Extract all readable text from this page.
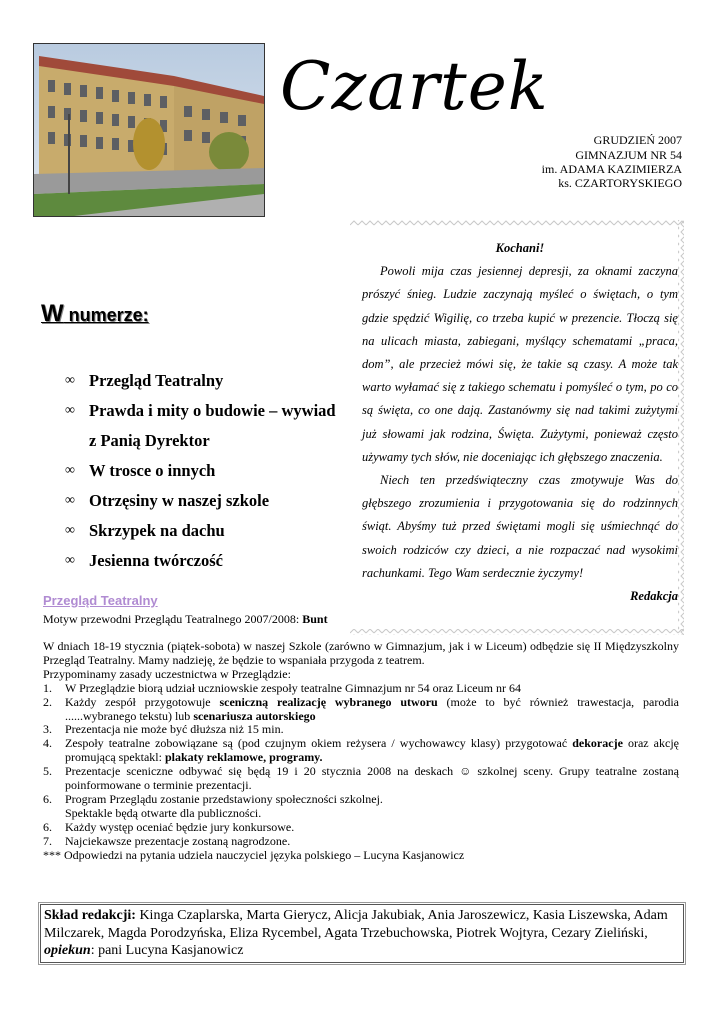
Czartek
GRUDZIEŃ 2007
GIMNAZJUM NR 54
im. ADAMA KAZIMIERZA
ks. CZARTORYSKIEGO

Kochani!

Powoli mija czas jesiennej depresji, za oknami zaczyna prószyć śnieg. Ludzie zaczynają myśleć o świętach, o tym gdzie spędzić Wigilię, co trzeba kupić w prezencie. Tłoczą się na ulicach miasta, zabiegani, myślący schematami „praca, dom”, ale przecież mówi się, że takie są czasy. A może tak warto wyłamać się z takiego schematu i pomyśleć o tym, po co są święta, co one dają. Zastanówmy się nad takimi zużytymi już słowami jak rodzina, Święta. Zużytymi, ponieważ często używamy tych słów, nie doceniając ich głębszego znaczenia.

Niech ten przedświąteczny czas zmotywuje Was do głębszego zrozumienia i przygotowania się do rodzinnych świąt. Abyśmy tuż przed świętami mogli się uśmiechnąć do swoich rodziców czy dzieci, a nie rozpaczać nad wysokimi rachunkami. Tego Wam serdecznie życzymy!

Redakcja

W numerze:
∞ Przegląd Teatralny
∞ Prawda i mity o budowie – wywiad
z Panią Dyrektor
∞ W trosce o innych
∞ Otrzęsiny w naszej szkole
∞ Skrzypek na dachu
∞ Jesienna twórczość
Przegląd Teatralny
Motyw przewodni Przeglądu Teatralnego 2007/2008: Bunt

W dniach 18-19 stycznia (piątek-sobota) w naszej Szkole (zarówno w Gimnazjum, jak i w Liceum) odbędzie się II Międzyszkolny Przegląd Teatralny. Mamy nadzieję, że będzie to wspaniała przygoda z teatrem.

Przypominamy zasady uczestnictwa w Przeglądzie:

1.	W Przeglądzie biorą udział uczniowskie zespoły teatralne Gimnazjum nr 54 oraz Liceum nr 64
2.	Każdy zespół przygotowuje sceniczną realizację wybranego utworu (może to być również trawestacja, parodia ......wybranego tekstu) lub scenariusza autorskiego
3.	Prezentacja nie może być dłuższa niż 15 min.
4.	Zespoły teatralne zobowiązane są (pod czujnym okiem reżysera / wychowawcy klasy) przygotować dekoracje oraz akcję promującą spektakl: plakaty reklamowe, programy.
5.	Prezentacje sceniczne odbywać się będą 19 i 20 stycznia 2008 na deskach ☺ szkolnej sceny. Grupy teatralne zostaną poinformowane o terminie prezentacji.
6.	Program Przeglądu zostanie przedstawiony społeczności szkolnej. Spektakle będą otwarte dla publiczności.
6.	Każdy występ oceniać będzie jury konkursowe.
7.	Najciekawsze prezentacje zostaną nagrodzone.

*** Odpowiedzi na pytania udziela nauczyciel języka polskiego – Lucyna Kasjanowicz

Skład redakcji: Kinga Czaplarska, Marta Gierycz, Alicja Jakubiak, Ania Jaroszewicz, Kasia Liszewska, Adam Milczarek, Magda Porodzyńska, Eliza Rycembel, Agata Trzebuchowska, Piotrek Wojtyra, Cezary Zieliński, opiekun: pani Lucyna Kasjanowicz
